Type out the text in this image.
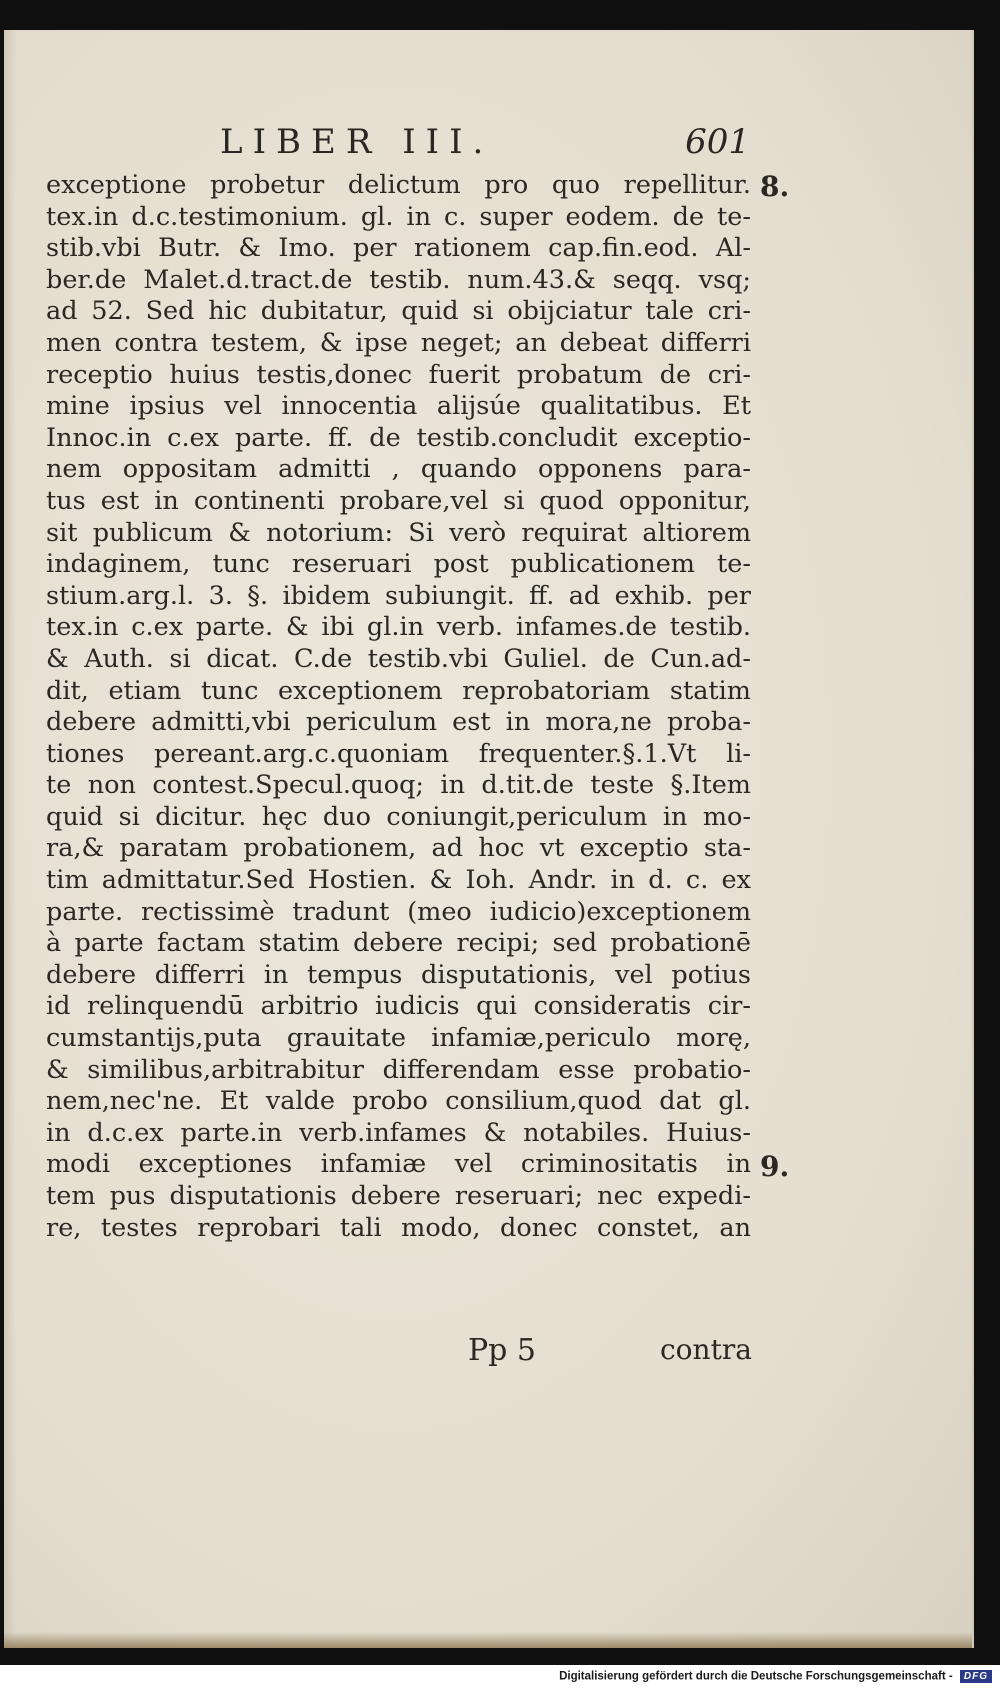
LIBER III.	601
exceptione probetur delictum pro quo repellitur.
tex.in d.c.testimonium. gl. in c. super eodem. de te-
stib.vbi Butr. & Imo. per rationem cap.fin.eod. Al-
ber.de Malet.d.tract.de testib. num.43.& seqq. vsq;
ad 52. Sed hic dubitatur, quid si obijciatur tale cri-
men contra testem, & ipse neget; an debeat differri
receptio huius testis,donec fuerit probatum de cri-
mine ipsius vel innocentia alijsúe qualitatibus. Et
Innoc.in c.ex parte. ff. de testib.concludit exceptio-
nem oppositam admitti , quando opponens para-
tus est in continenti probare,vel si quod opponitur,
sit publicum & notorium: Si verò requirat altiorem
indaginem, tunc reseruari post publicationem te-
stium.arg.l. 3. §. ibidem subiungit. ff. ad exhib. per
tex.in c.ex parte. & ibi gl.in verb. infames.de testib.
& Auth. si dicat. C.de testib.vbi Guliel. de Cun.ad-
dit, etiam tunc exceptionem reprobatoriam statim
debere admitti,vbi periculum est in mora,ne proba-
tiones pereant.arg.c.quoniam frequenter.§.1.Vt li-
te non contest.Specul.quoq; in d.tit.de teste §.Item
quid si dicitur. hęc duo coniungit,periculum in mo-
ra,& paratam probationem, ad hoc vt exceptio sta-
tim admittatur.Sed Hostien. & Ioh. Andr. in d. c. ex
parte. rectissimè tradunt (meo iudicio)exceptionem
à parte factam statim debere recipi; sed probationē
debere differri in tempus disputationis, vel potius
id relinquendū arbitrio iudicis qui consideratis cir-
cumstantijs,puta grauitate infamiæ,periculo morę,
& similibus,arbitrabitur differendam esse probatio-
nem,nec'ne. Et valde probo consilium,quod dat gl.
in d.c.ex parte.in verb.infames & notabiles. Huius-
modi exceptiones infamiæ vel criminositatis in
tem pus disputationis debere reseruari; nec expedi-
re, testes reprobari tali modo, donec constet, an
8.
9.
Pp 5	contra
Digitalisierung gefördert durch die Deutsche Forschungsgemeinschaft - DFG
